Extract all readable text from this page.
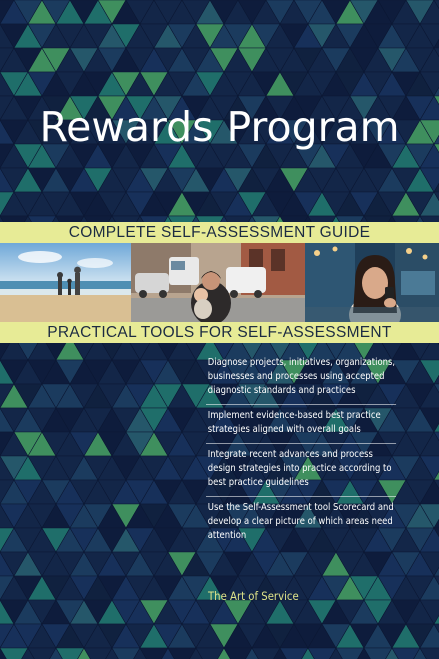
Rewards Program
COMPLETE SELF-ASSESSMENT GUIDE
PRACTICAL TOOLS FOR SELF-ASSESSMENT
Diagnose projects, initiatives, organizations, businesses and processes using accepted diagnostic standards and practices
Implement evidence-based best practice strategies aligned with overall goals
Integrate recent advances and process design strategies into practice according to best practice guidelines
Use the Self-Assessment tool Scorecard and develop a clear picture of which areas need attention
The Art of Service
